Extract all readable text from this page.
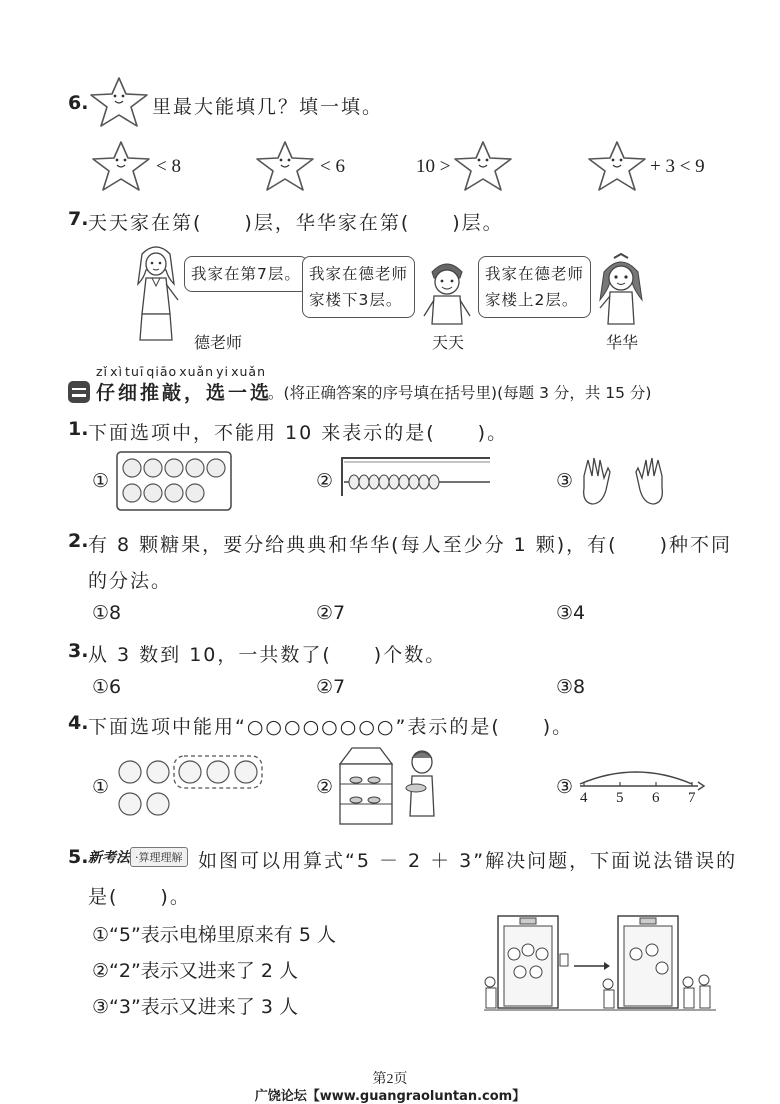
6.	里最大能填几？填一填。
< 8	< 6	10 >	+ 3 < 9
7. 天天家在第(　　)层，华华家在第(　　)层。
我家在第7层。
德老师
我家在德老师
家楼下3层。
天天
我家在德老师
家楼上2层。
华华
zǐ xì tuī qiāo xuǎn yi xuǎn
仔细推敲，选一选
。(将正确答案的序号填在括号里)(每题 3 分，共 15 分)
1. 下面选项中，不能用 10 来表示的是(　　)。
①	②	③
2. 有 8 颗糖果，要分给典典和华华(每人至少分 1 颗)，有(　　)种不同
的分法。
①8	②7	③4
3. 从 3 数到 10，一共数了(　　)个数。
①6	②7	③8
4. 下面选项中能用“○○○○○○○○”表示的是(　　)。
①	②	③ 4 5 6 7
5. 新考法 ·算理理解 如图可以用算式“5 － 2 ＋ 3”解决问题，下面说法错误的
是(　　)。
①“5”表示电梯里原来有 5 人
②“2”表示又进来了 2 人
③“3”表示又进来了 3 人
第2页
广饶论坛【www.guangraoluntan.com】
